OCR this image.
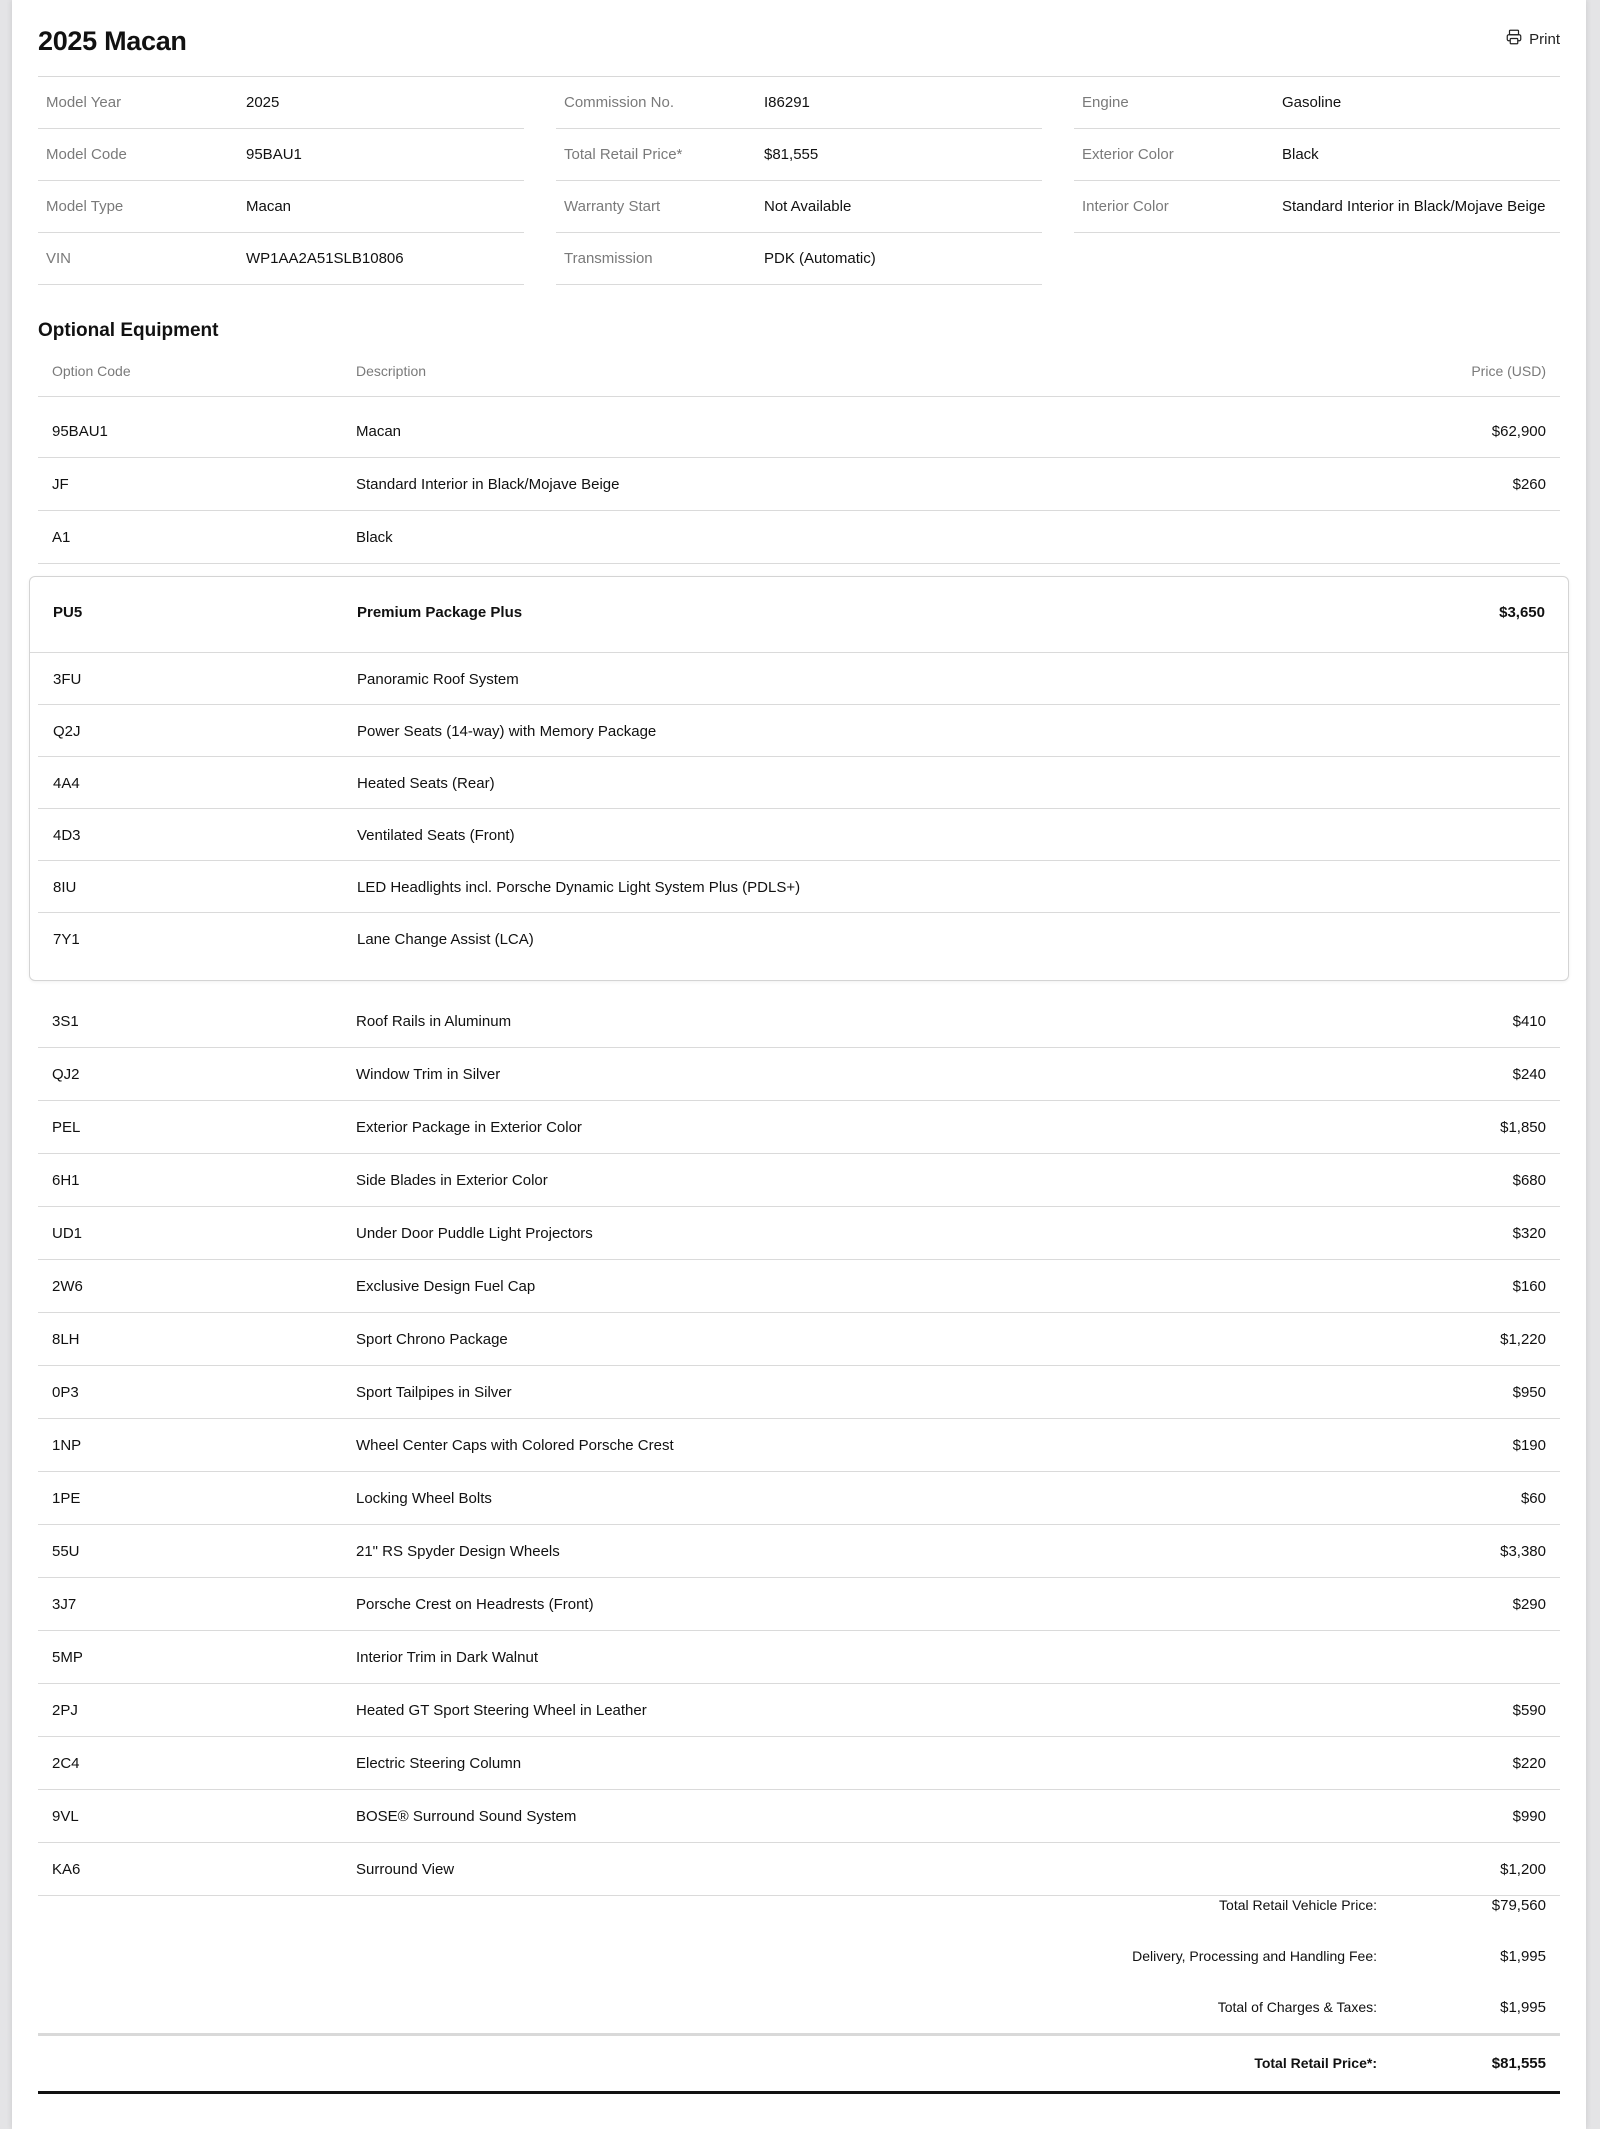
2025 Macan	Print
Model Year	2025
Model Code	95BAU1
Model Type	Macan
VIN	WP1AA2A51SLB10806
Commission No.	I86291
Total Retail Price*	$81,555
Warranty Start	Not Available
Transmission	PDK (Automatic)
Engine	Gasoline
Exterior Color	Black
Interior Color	Standard Interior in Black/Mojave Beige
Optional Equipment
Option Code	Description	Price (USD)
95BAU1	Macan	$62,900
JF	Standard Interior in Black/Mojave Beige	$260
A1	Black
PU5	Premium Package Plus	$3,650
3FU	Panoramic Roof System
Q2J	Power Seats (14-way) with Memory Package
4A4	Heated Seats (Rear)
4D3	Ventilated Seats (Front)
8IU	LED Headlights incl. Porsche Dynamic Light System Plus (PDLS+)
7Y1	Lane Change Assist (LCA)
3S1	Roof Rails in Aluminum	$410
QJ2	Window Trim in Silver	$240
PEL	Exterior Package in Exterior Color	$1,850
6H1	Side Blades in Exterior Color	$680
UD1	Under Door Puddle Light Projectors	$320
2W6	Exclusive Design Fuel Cap	$160
8LH	Sport Chrono Package	$1,220
0P3	Sport Tailpipes in Silver	$950
1NP	Wheel Center Caps with Colored Porsche Crest	$190
1PE	Locking Wheel Bolts	$60
55U	21" RS Spyder Design Wheels	$3,380
3J7	Porsche Crest on Headrests (Front)	$290
5MP	Interior Trim in Dark Walnut
2PJ	Heated GT Sport Steering Wheel in Leather	$590
2C4	Electric Steering Column	$220
9VL	BOSE® Surround Sound System	$990
KA6	Surround View	$1,200
Total Retail Vehicle Price:	$79,560
Delivery, Processing and Handling Fee:	$1,995
Total of Charges & Taxes:	$1,995
Total Retail Price*:	$81,555
